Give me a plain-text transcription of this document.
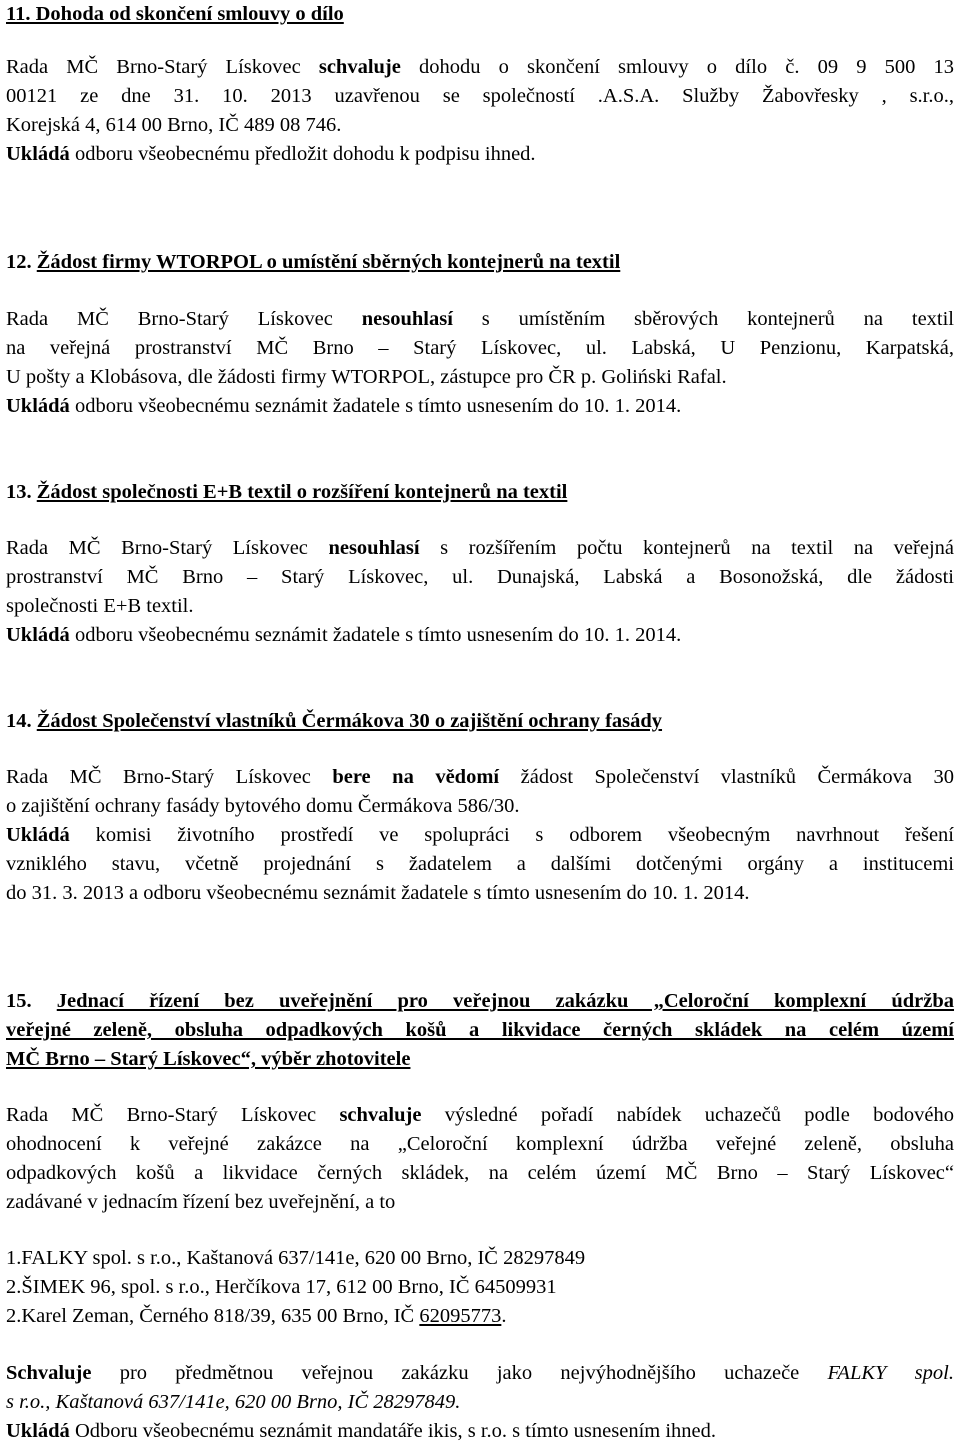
11. Dohoda od skončení smlouvy o dílo
Rada MČ Brno-Starý Lískovec schvaluje dohodu o skončení smlouvy o dílo č. 09 9 500 13
00121 ze dne 31. 10. 2013 uzavřenou se společností .A.S.A. Služby Žabovřesky , s.r.o.,
Korejská 4, 614 00 Brno, IČ 489 08 746.
Ukládá odboru všeobecnému předložit dohodu k podpisu ihned.
12. Žádost firmy WTORPOL o umístění sběrných kontejnerů na textil
Rada MČ Brno-Starý Lískovec nesouhlasí s umístěním sběrových kontejnerů na textil
na veřejná prostranství MČ Brno – Starý Lískovec, ul. Labská, U Penzionu, Karpatská,
U pošty a Klobásova, dle žádosti firmy WTORPOL, zástupce pro ČR p. Goliński Rafal.
Ukládá odboru všeobecnému seznámit žadatele s tímto usnesením do 10. 1. 2014.
13. Žádost společnosti E+B textil o rozšíření kontejnerů na textil
Rada MČ Brno-Starý Lískovec nesouhlasí s rozšířením počtu kontejnerů na textil na veřejná
prostranství MČ Brno – Starý Lískovec, ul. Dunajská, Labská a Bosonožská, dle žádosti
společnosti E+B textil.
Ukládá odboru všeobecnému seznámit žadatele s tímto usnesením do 10. 1. 2014.
14. Žádost Společenství vlastníků Čermákova 30 o zajištění ochrany fasády
Rada MČ Brno-Starý Lískovec bere na vědomí žádost Společenství vlastníků Čermákova 30
o zajištění ochrany fasády bytového domu Čermákova 586/30.
Ukládá komisi životního prostředí ve spolupráci s odborem všeobecným navrhnout řešení
vzniklého stavu, včetně projednání s žadatelem a dalšími dotčenými orgány a institucemi
do 31. 3. 2013 a odboru všeobecnému seznámit žadatele s tímto usnesením do 10. 1. 2014.
15. Jednací řízení bez uveřejnění pro veřejnou zakázku „Celoroční komplexní údržba
veřejné zeleně, obsluha odpadkových košů a likvidace černých skládek na celém území
MČ Brno – Starý Lískovec“, výběr zhotovitele
Rada MČ Brno-Starý Lískovec schvaluje výsledné pořadí nabídek uchazečů podle bodového
ohodnocení k veřejné zakázce na „Celoroční komplexní údržba veřejné zeleně, obsluha
odpadkových košů a likvidace černých skládek, na celém území MČ Brno – Starý Lískovec“
zadávané v jednacím řízení bez uveřejnění, a to
1.FALKY spol. s r.o., Kaštanová 637/141e, 620 00 Brno, IČ 28297849
2.ŠIMEK 96, spol. s r.o., Herčíkova 17, 612 00 Brno, IČ 64509931
2.Karel Zeman, Černého 818/39, 635 00 Brno, IČ 62095773.
Schvaluje pro předmětnou veřejnou zakázku jako nejvýhodnějšího uchazeče FALKY spol.
s r.o., Kaštanová 637/141e, 620 00 Brno, IČ 28297849.
Ukládá Odboru všeobecnému seznámit mandatáře ikis, s r.o. s tímto usnesením ihned.
